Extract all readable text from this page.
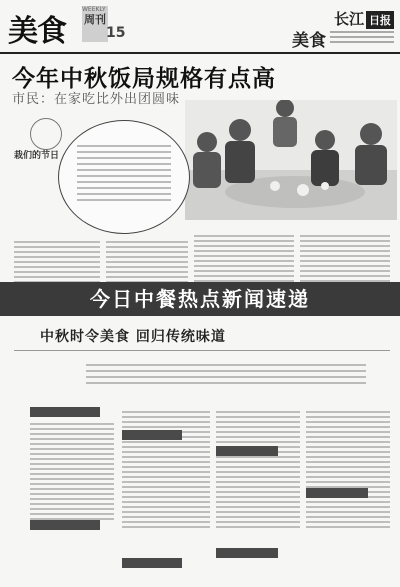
美食 周刊
WEEKLY
15
长江 日报
美食
今年中秋饭局规格有点高
市民：在家吃比外出团圆味
栽们的节日
今日中餐热点新闻速递
中秋时令美食 回归传统味道
